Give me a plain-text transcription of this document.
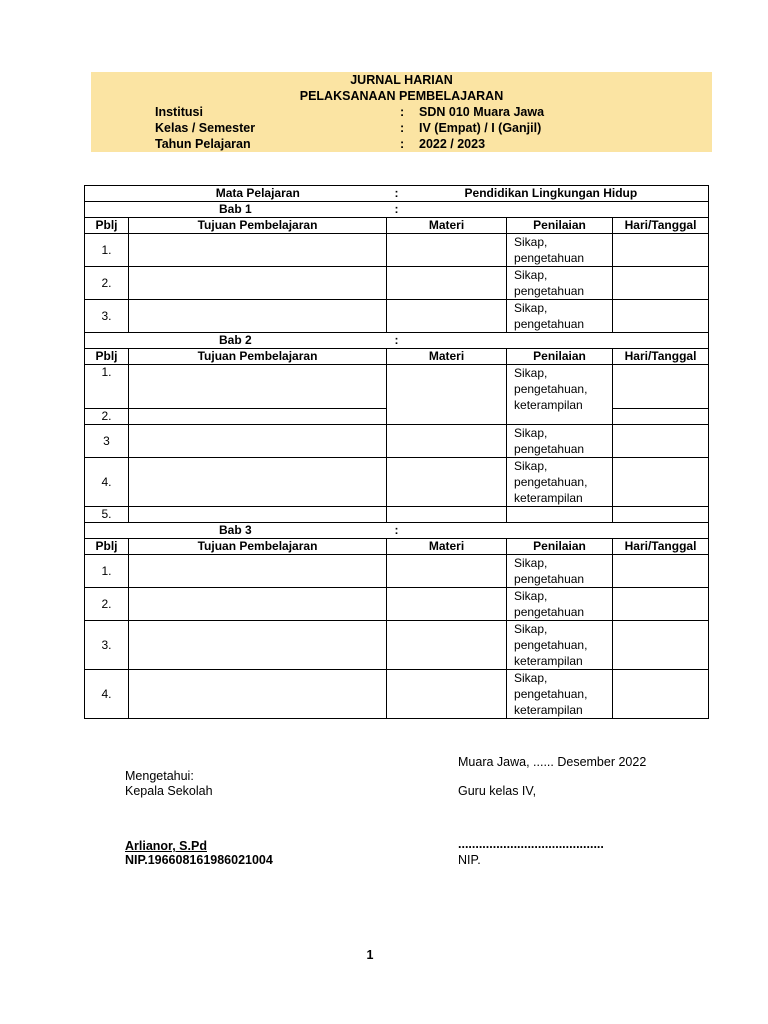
JURNAL HARIAN
PELAKSANAAN PEMBELAJARAN
Institusi	: SDN 010 Muara Jawa
Kelas / Semester	: IV (Empat) / I (Ganjil)
Tahun Pelajaran	: 2022 / 2023
Mata Pelajaran		:	Pendidikan Lingkungan Hidup	
Bab 1		:		
Pblj	Tujuan Pembelajaran	Materi	Penilaian	Hari/Tanggal
1.			Sikap,
pengetahuan	

2.			Sikap,
pengetahuan	

3.			Sikap,
pengetahuan	

Bab 2		:		
Pblj	Tujuan Pembelajaran	Materi	Penilaian	Hari/Tanggal
1.			Sikap,
pengetahuan,
keterampilan	

2.				
3			Sikap,
pengetahuan	

4.			Sikap,
pengetahuan,
keterampilan	

5.				
Bab 3		:		
Pblj	Tujuan Pembelajaran	Materi	Penilaian	Hari/Tanggal
1.			Sikap,
pengetahuan	

2.			Sikap,
pengetahuan	

3.			Sikap,
pengetahuan,
keterampilan	

4.			Sikap,
pengetahuan,
keterampilan	

Muara Jawa, ...... Desember 2022
Mengetahui:
Kepala Sekolah	Guru kelas IV,
Arlianor, S.Pd
NIP.196608161986021004
..........................................
NIP.
1
